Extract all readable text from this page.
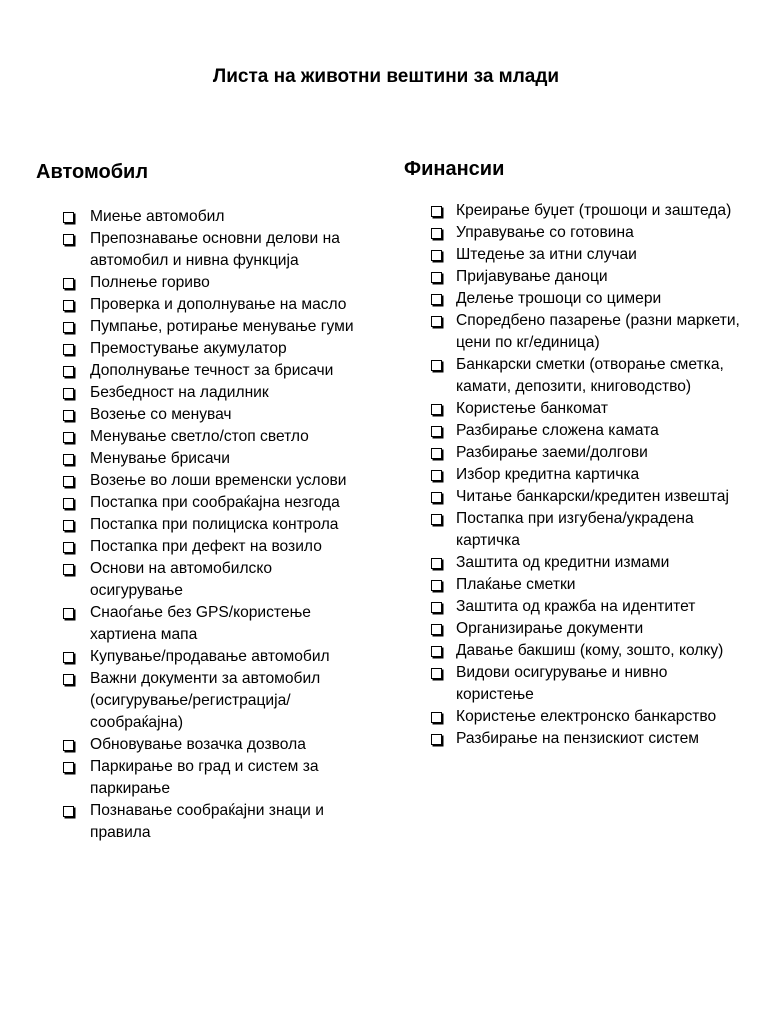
Листа на животни вештини за млади
Автомобил
Миење автомобил
Препознавање основни делови на автомобил и нивна функција
Полнење гориво
Проверка и дополнување на масло
Пумпање, ротирање менување гуми
Премостување акумулатор
Дополнување течност за брисачи
Безбедност на ладилник
Возење со менувач
Менување светло/стоп светло
Менување брисачи
Возење во лоши временски услови
Постапка при сообраќајна незгода
Постапка при полициска контрола
Постапка при дефект на возило
Основи на автомобилско осигурување
Снаоѓање без GPS/користење хартиена мапа
Купување/продавање автомобил
Важни документи за автомобил (осигурување/регистрација/сообраќајна)
Обновување возачка дозвола
Паркирање во град и систем за паркирање
Познавање сообраќајни знаци и правила
Финансии
Креирање буџет (трошоци и заштеда)
Управување со готовина
Штедење за итни случаи
Пријавување даноци
Делење трошоци со цимери
Споредбено пазарење (разни маркети, цени по кг/единица)
Банкарски сметки (отворање сметка, камати, депозити, книговодство)
Користење банкомат
Разбирање сложена камата
Разбирање заеми/долгови
Избор кредитна картичка
Читање банкарски/кредитен извештај
Постапка при изгубена/украдена картичка
Заштита од кредитни измами
Плаќање сметки
Заштита од кражба на идентитет
Организирање документи
Давање бакшиш (кому, зошто, колку)
Видови осигурување и нивно користење
Користење електронско банкарство
Разбирање на пензискиот систем
